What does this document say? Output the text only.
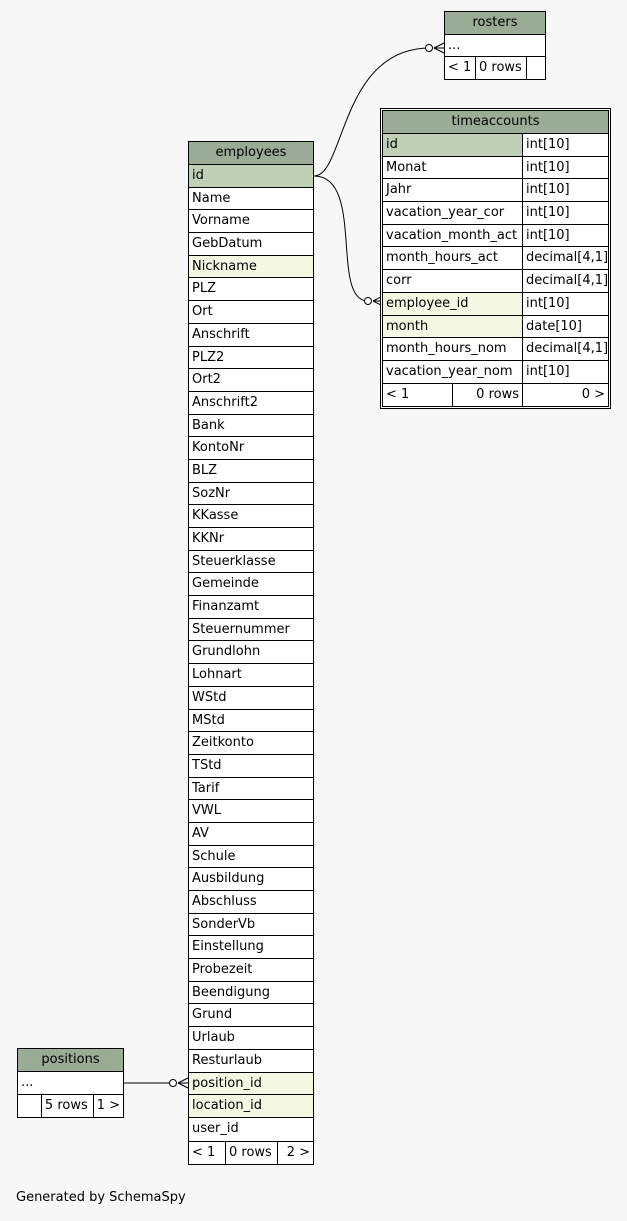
rosters
...
< 1 0 rows
timeaccounts
id	int[10]
Monat	int[10]
Jahr	int[10]
vacation_year_cor	int[10]
vacation_month_act int[10]
month_hours_act	decimal[4,1]
corr	decimal[4,1]
employee_id	int[10]
month	date[10]
month_hours_nom	decimal[4,1]
vacation_year_nom	int[10]
< 1	0 rows	0 >
employees
id
Name
Vorname
GebDatum
Nickname
PLZ
Ort
Anschrift
PLZ2
Ort2
Anschrift2
Bank
KontoNr
BLZ
SozNr
KKasse
KKNr
Steuerklasse
Gemeinde
Finanzamt
Steuernummer
Grundlohn
Lohnart
WStd
MStd
Zeitkonto
TStd
Tarif
VWL
AV
Schule
Ausbildung
Abschluss
SonderVb
Einstellung
Probezeit
Beendigung
Grund
Urlaub
Resturlaub
position_id
location_id
user_id
< 1	0 rows	2 >
positions
...
5 rows 1 >
Generated by SchemaSpy
